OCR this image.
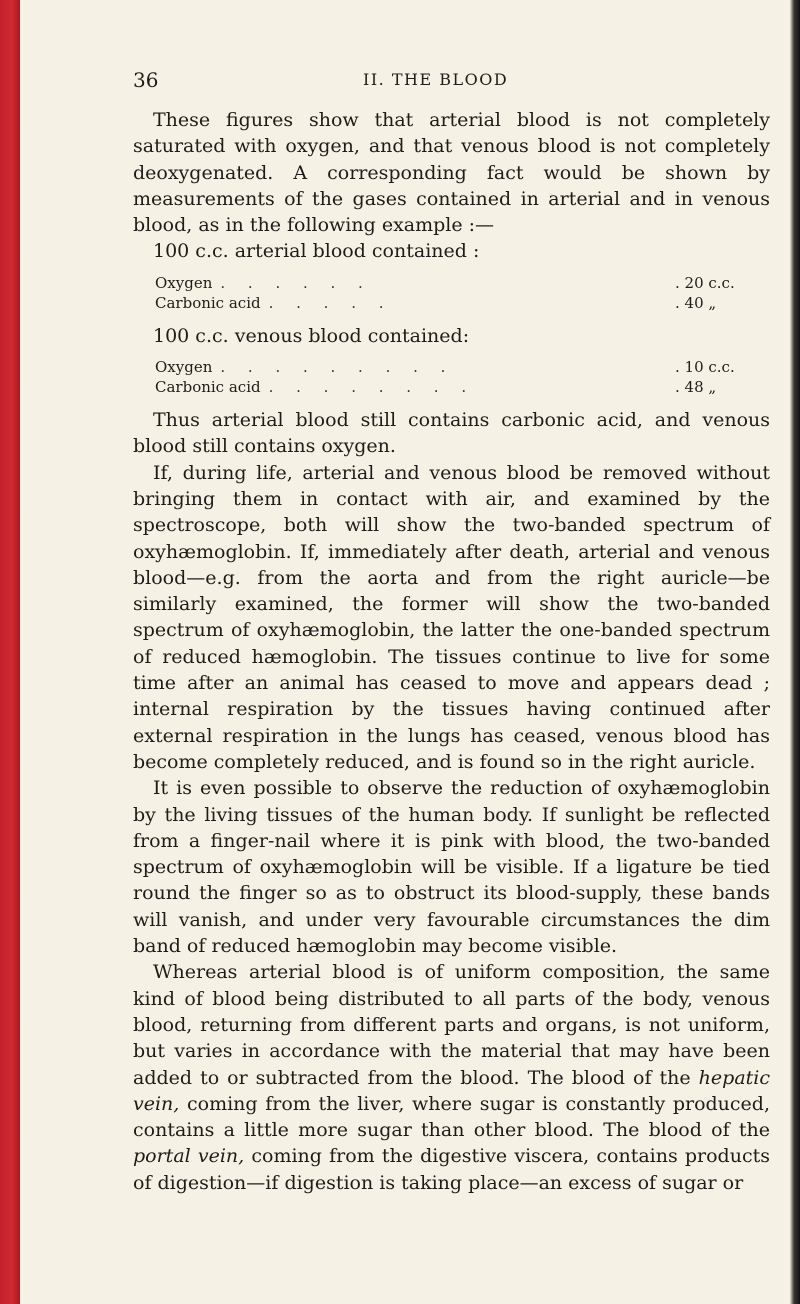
36	II. THE BLOOD

These figures show that arterial blood is not completely saturated with oxygen, and that venous blood is not completely deoxygenated. A corresponding fact would be shown by measurements of the gases contained in arterial and in venous blood, as in the following example :—

100 c.c. arterial blood contained :

Oxygen . . . . . .	. 20 c.c.
Carbonic acid . . . . .	. 40 „

100 c.c. venous blood contained:

Oxygen . . . . . . . . .	. 10 c.c.
Carbonic acid . . . . . . . .	. 48 „

Thus arterial blood still contains carbonic acid, and venous blood still contains oxygen.

If, during life, arterial and venous blood be removed without bringing them in contact with air, and examined by the spectroscope, both will show the two-banded spectrum of oxyhæmoglobin. If, immediately after death, arterial and venous blood—e.g. from the aorta and from the right auricle—be similarly examined, the former will show the two-banded spectrum of oxyhæmoglobin, the latter the one-banded spectrum of reduced hæmoglobin. The tissues continue to live for some time after an animal has ceased to move and appears dead ; internal respiration by the tissues having continued after external respiration in the lungs has ceased, venous blood has become completely reduced, and is found so in the right auricle.

It is even possible to observe the reduction of oxyhæmoglobin by the living tissues of the human body. If sunlight be reflected from a finger-nail where it is pink with blood, the two-banded spectrum of oxyhæmoglobin will be visible. If a ligature be tied round the finger so as to obstruct its blood-supply, these bands will vanish, and under very favourable circumstances the dim band of reduced hæmoglobin may become visible.

Whereas arterial blood is of uniform composition, the same kind of blood being distributed to all parts of the body, venous blood, returning from different parts and organs, is not uniform, but varies in accordance with the material that may have been added to or subtracted from the blood. The blood of the hepatic vein, coming from the liver, where sugar is constantly produced, contains a little more sugar than other blood. The blood of the portal vein, coming from the digestive viscera, contains products of digestion—if digestion is taking place—an excess of sugar or
